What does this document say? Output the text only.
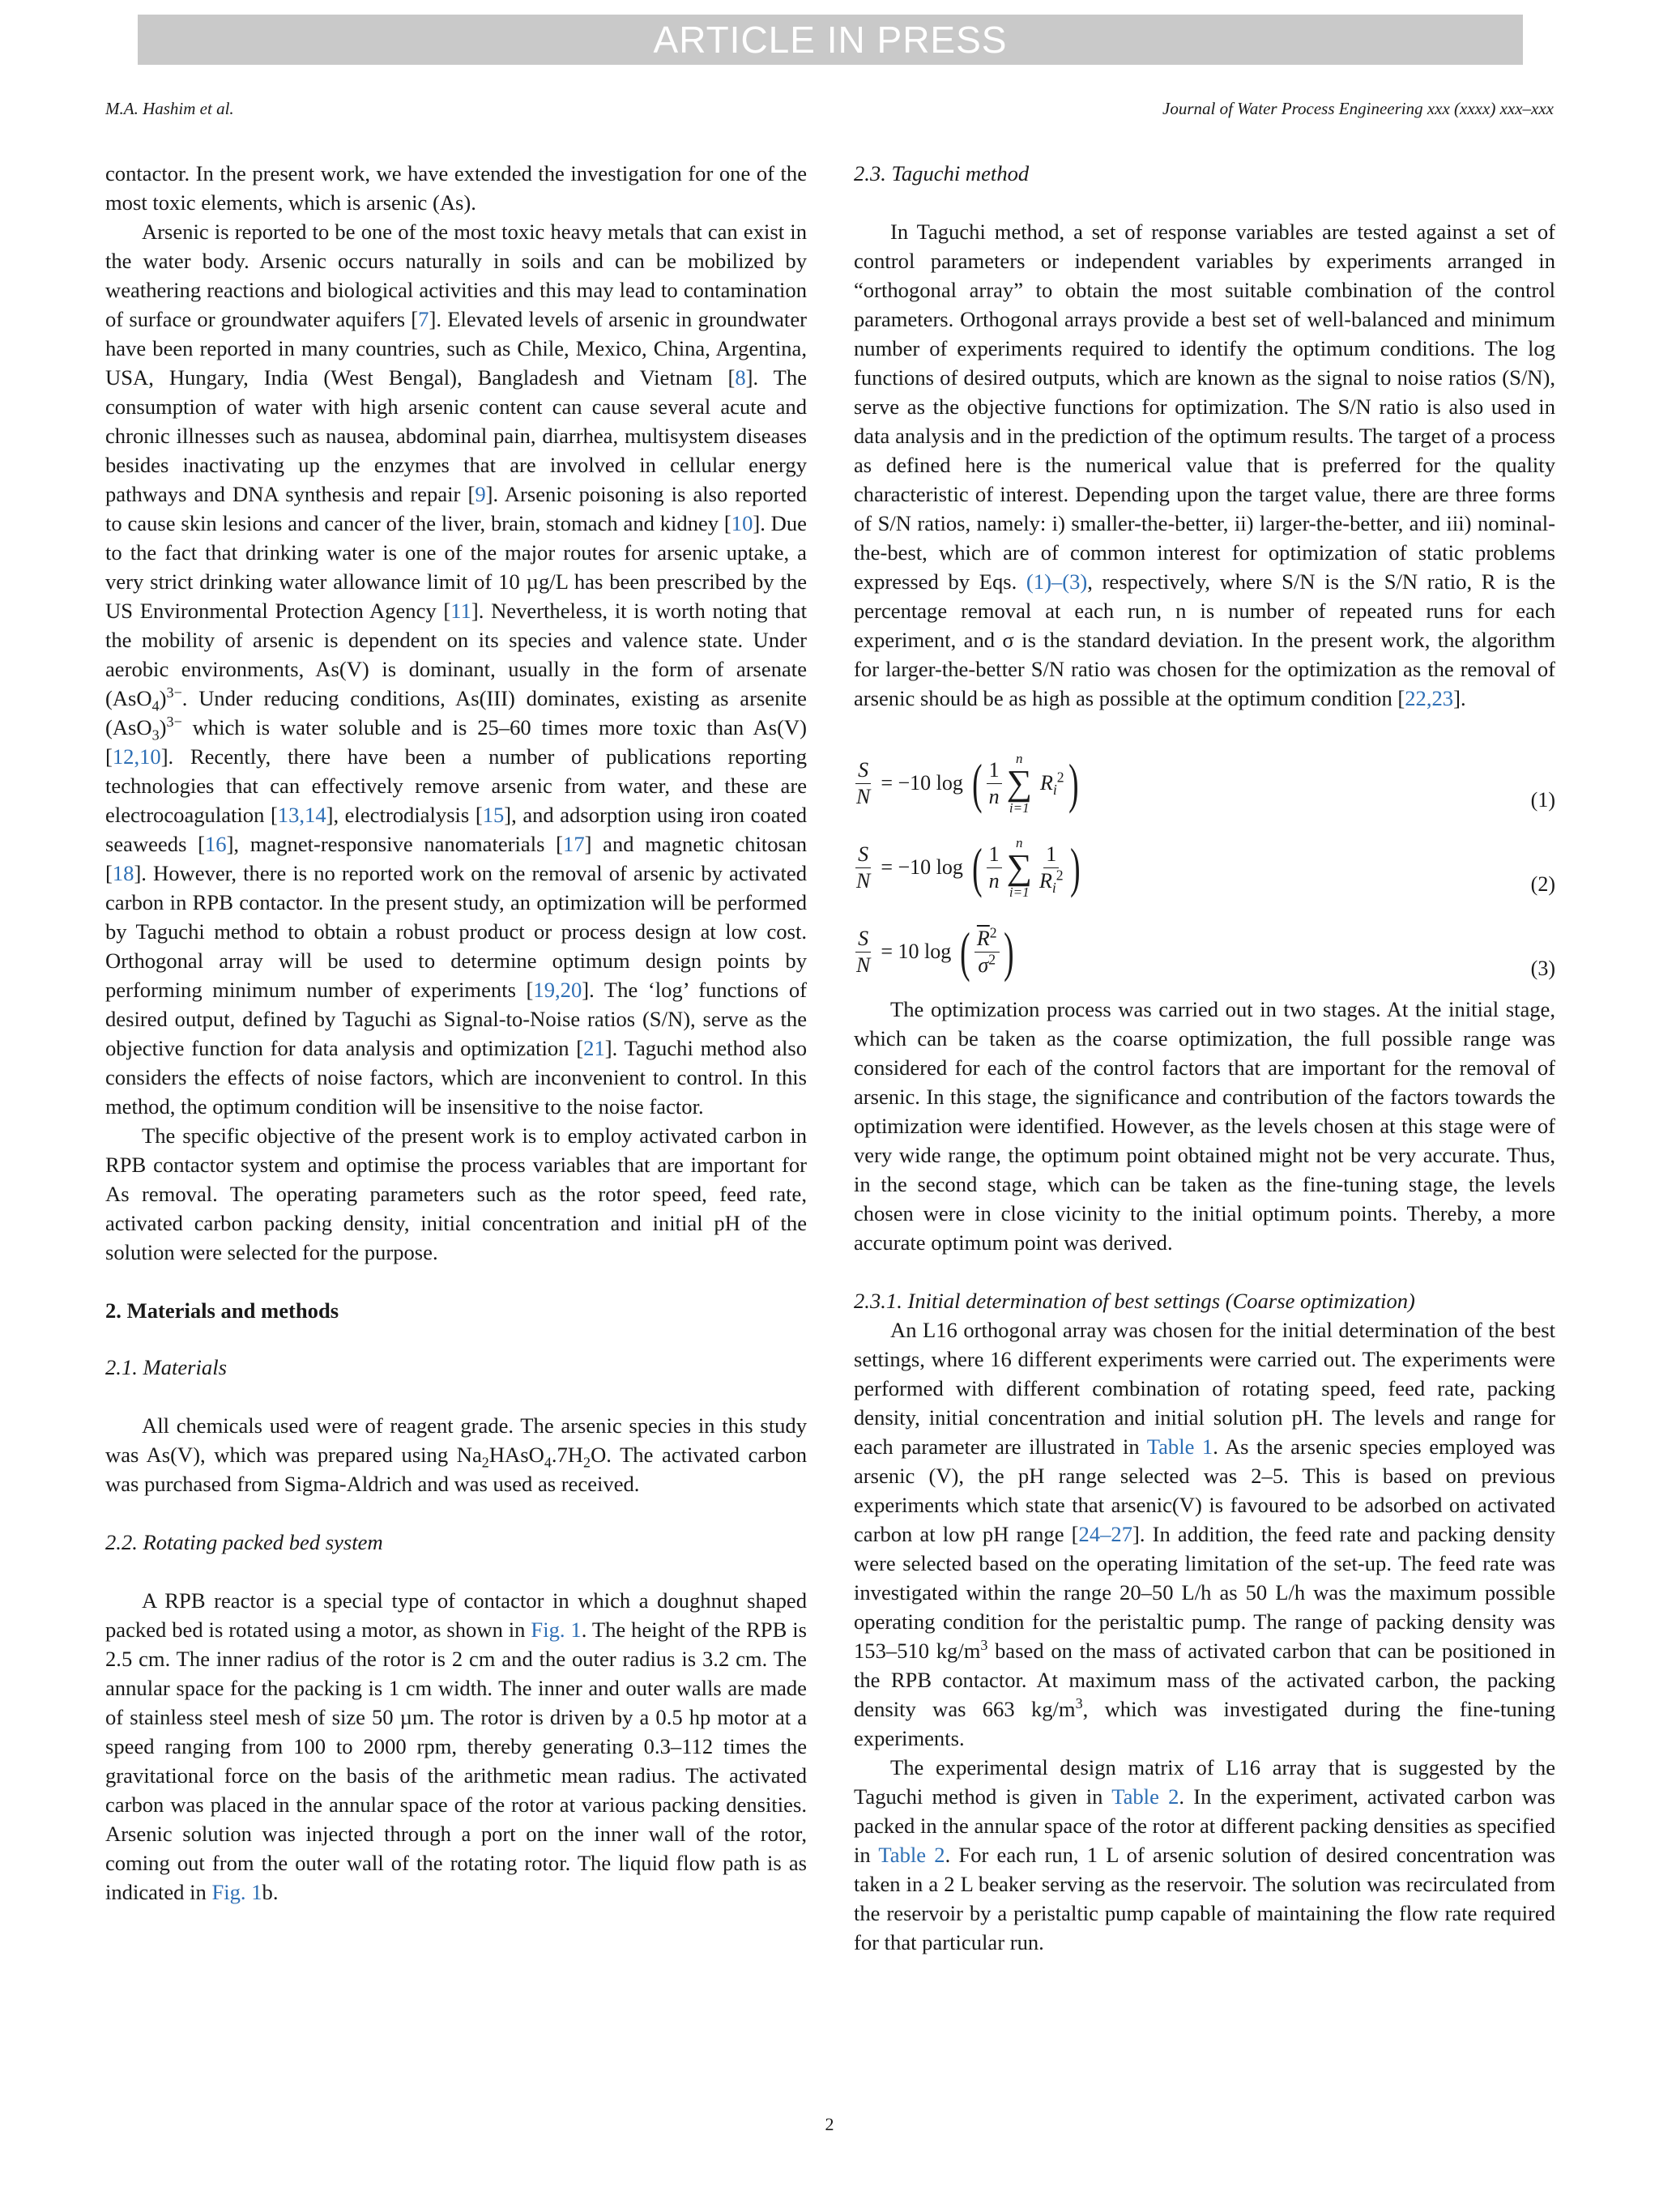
ARTICLE IN PRESS
M.A. Hashim et al.	Journal of Water Process Engineering xxx (xxxx) xxx–xxx

contactor. In the present work, we have extended the investigation for one of the most toxic elements, which is arsenic (As).

Arsenic is reported to be one of the most toxic heavy metals that can exist in the water body. Arsenic occurs naturally in soils and can be mobilized by weathering reactions and biological activities and this may lead to contamination of surface or groundwater aquifers [7]. Elevated levels of arsenic in groundwater have been reported in many countries, such as Chile, Mexico, China, Argentina, USA, Hungary, India (West Bengal), Bangladesh and Vietnam [8]. The consumption of water with high arsenic content can cause several acute and chronic illnesses such as nausea, abdominal pain, diarrhea, multisystem diseases besides inactivating up the enzymes that are involved in cellular energy pathways and DNA synthesis and repair [9]. Arsenic poisoning is also reported to cause skin lesions and cancer of the liver, brain, stomach and kidney [10]. Due to the fact that drinking water is one of the major routes for arsenic uptake, a very strict drinking water allowance limit of 10 µg/L has been prescribed by the US Environmental Protection Agency [11]. Nevertheless, it is worth noting that the mobility of arsenic is dependent on its species and valence state. Under aerobic environments, As(V) is dominant, usually in the form of arsenate $(AsO_4)^{3-}$. Under reducing conditions, As(III) dominates, existing as arsenite $(AsO_3)^{3-}$ which is water soluble and is 25–60 times more toxic than As(V) [12,10]. Recently, there have been a number of publications reporting technologies that can effectively remove arsenic from water, and these are electrocoagulation [13,14], electrodialysis [15], and adsorption using iron coated seaweeds [16], magnet-responsive nanomaterials [17] and magnetic chitosan [18]. However, there is no reported work on the removal of arsenic by activated carbon in RPB contactor. In the present study, an optimization will be performed by Taguchi method to obtain a robust product or process design at low cost. Orthogonal array will be used to determine optimum design points by performing minimum number of experiments [19,20]. The ‘log’ functions of desired output, defined by Taguchi as Signal-to-Noise ratios (S/N), serve as the objective function for data analysis and optimization [21]. Taguchi method also considers the effects of noise factors, which are inconvenient to control. In this method, the optimum condition will be insensitive to the noise factor.

The specific objective of the present work is to employ activated carbon in RPB contactor system and optimise the process variables that are important for As removal. The operating parameters such as the rotor speed, feed rate, activated carbon packing density, initial concentration and initial pH of the solution were selected for the purpose.

2. Materials and methods
2.1. Materials

All chemicals used were of reagent grade. The arsenic species in this study was As(V), which was prepared using $Na_2HAsO_4.7H_2O$. The activated carbon was purchased from Sigma-Aldrich and was used as received.

2.2. Rotating packed bed system

A RPB reactor is a special type of contactor in which a doughnut shaped packed bed is rotated using a motor, as shown in Fig. 1. The height of the RPB is 2.5 cm. The inner radius of the rotor is 2 cm and the outer radius is 3.2 cm. The annular space for the packing is 1 cm width. The inner and outer walls are made of stainless steel mesh of size 50 µm. The rotor is driven by a 0.5 hp motor at a speed ranging from 100 to 2000 rpm, thereby generating 0.3–112 times the gravitational force on the basis of the arithmetic mean radius. The activated carbon was placed in the annular space of the rotor at various packing densities. Arsenic solution was injected through a port on the inner wall of the rotor, coming out from the outer wall of the rotating rotor. The liquid flow path is as indicated in Fig. 1b.

2.3. Taguchi method

In Taguchi method, a set of response variables are tested against a set of control parameters or independent variables by experiments arranged in “orthogonal array” to obtain the most suitable combination of the control parameters. Orthogonal arrays provide a best set of well-balanced and minimum number of experiments required to identify the optimum conditions. The log functions of desired outputs, which are known as the signal to noise ratios (S/N), serve as the objective functions for optimization. The S/N ratio is also used in data analysis and in the prediction of the optimum results. The target of a process as defined here is the numerical value that is preferred for the quality characteristic of interest. Depending upon the target value, there are three forms of S/N ratios, namely: i) smaller-the-better, ii) larger-the-better, and iii) nominal-the-best, which are of common interest for optimization of static problems expressed by Eqs. (1)–(3), respectively, where S/N is the S/N ratio, R is the percentage removal at each run, n is number of repeated runs for each experiment, and σ is the standard deviation. In the present work, the algorithm for larger-the-better S/N ratio was chosen for the optimization as the removal of arsenic should be as high as possible at the optimum condition [22,23].

$\frac{S}{N} = -10$ log ( $\frac{1}{n}$ n
∑
i=1
$R_i^2$ )	(1)
$\frac{S}{N} = -10$ log ( $\frac{1}{n}$ n
∑
$i=1 \frac{1}{R_i^2}$ )	(2)
$\frac{S}{N} = 10$ log ( $\frac{\overline{R}^2}{\sigma^2}$ )	(3)

The optimization process was carried out in two stages. At the initial stage, which can be taken as the coarse optimization, the full possible range was considered for each of the control factors that are important for the removal of arsenic. In this stage, the significance and contribution of the factors towards the optimization were identified. However, as the levels chosen at this stage were of very wide range, the optimum point obtained might not be very accurate. Thus, in the second stage, which can be taken as the fine-tuning stage, the levels chosen were in close vicinity to the initial optimum points. Thereby, a more accurate optimum point was derived.

2.3.1. Initial determination of best settings (Coarse optimization)

An L16 orthogonal array was chosen for the initial determination of the best settings, where 16 different experiments were carried out. The experiments were performed with different combination of rotating speed, feed rate, packing density, initial concentration and initial solution pH. The levels and range for each parameter are illustrated in Table 1. As the arsenic species employed was arsenic (V), the pH range selected was 2–5. This is based on previous experiments which state that arsenic(V) is favoured to be adsorbed on activated carbon at low pH range [24–27]. In addition, the feed rate and packing density were selected based on the operating limitation of the set-up. The feed rate was investigated within the range 20–50 L/h as 50 L/h was the maximum possible operating condition for the peristaltic pump. The range of packing density was 153–510 $kg/m^3$ based on the mass of activated carbon that can be positioned in the RPB contactor. At maximum mass of the activated carbon, the packing density was 663 $kg/m^3$, which was investigated during the fine-tuning experiments.

The experimental design matrix of L16 array that is suggested by the Taguchi method is given in Table 2. In the experiment, activated carbon was packed in the annular space of the rotor at different packing densities as specified in Table 2. For each run, 1 L of arsenic solution of desired concentration was taken in a 2 L beaker serving as the reservoir. The solution was recirculated from the reservoir by a peristaltic pump capable of maintaining the flow rate required for that particular run.

2
